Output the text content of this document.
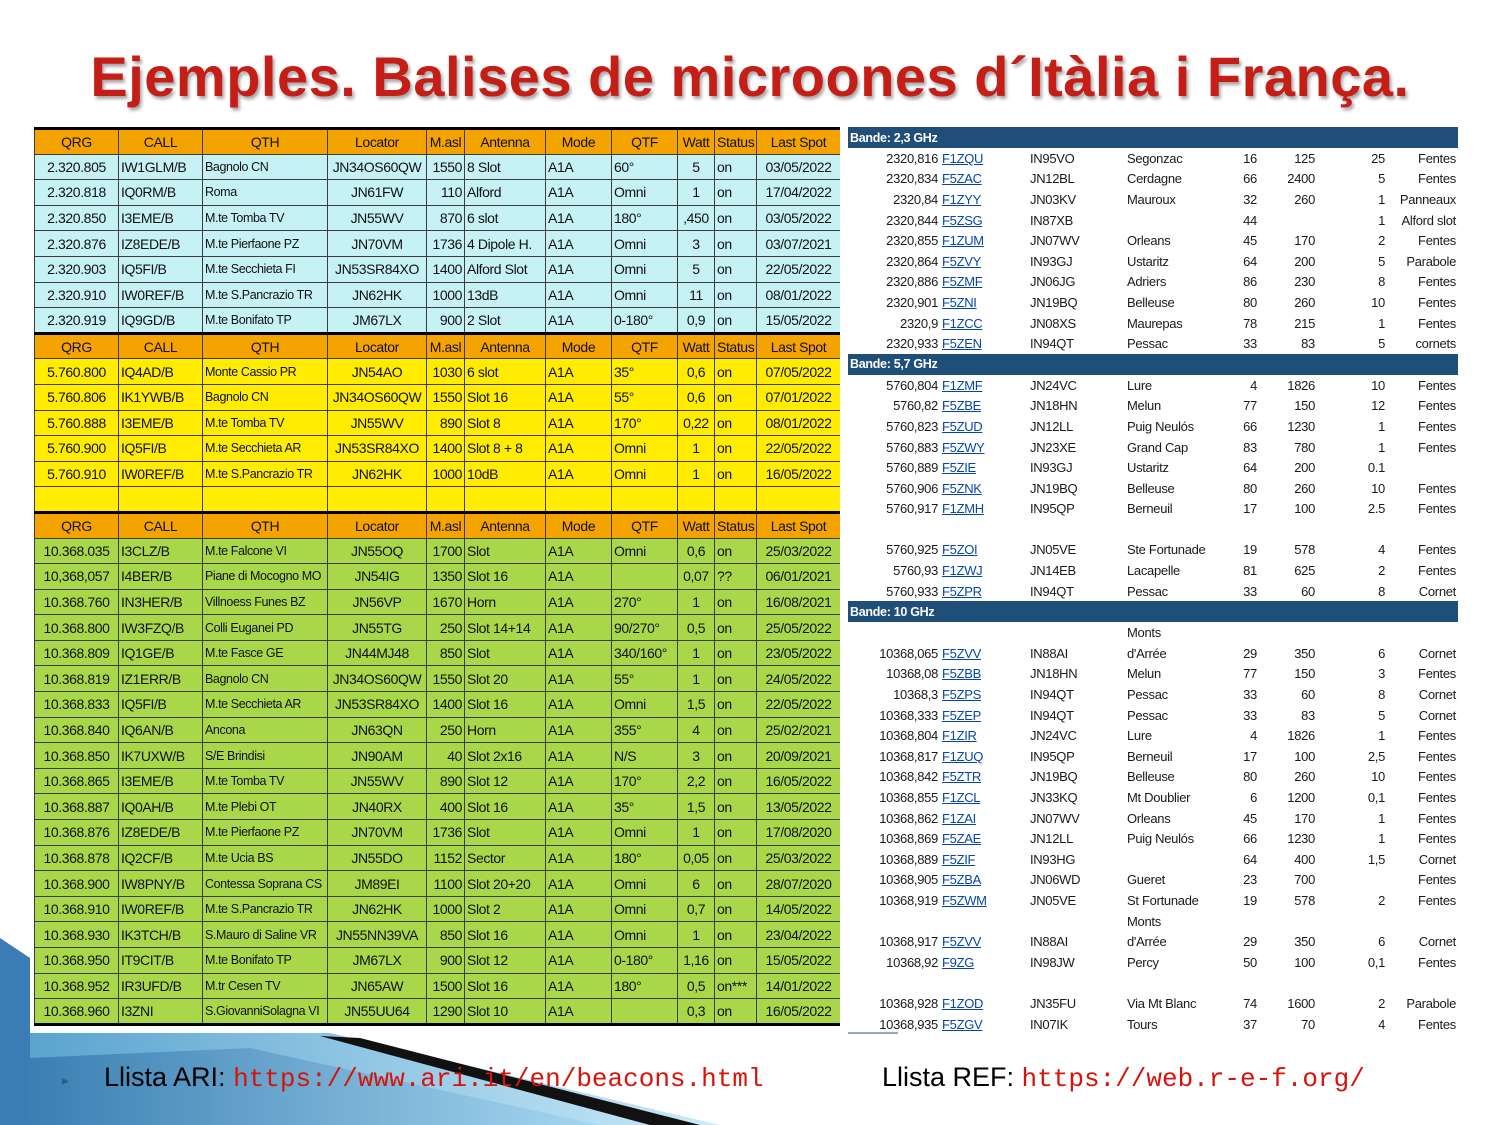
Ejemples. Balises de microones d´Itàlia i França.
QRG	CALL	QTH	Locator	M.asl	Antenna	Mode	QTF	Watt	Status	Last Spot
2.320.805	IW1GLM/B	Bagnolo CN	JN34OS60QW	1550	8 Slot	A1A	60°	5	on	03/05/2022
2.320.818	IQ0RM/B	Roma	JN61FW	110	Alford	A1A	Omni	1	on	17/04/2022
2.320.850	I3EME/B	M.te Tomba TV	JN55WV	870	6 slot	A1A	180°	,450	on	03/05/2022
2.320.876	IZ8EDE/B	M.te Pierfaone PZ	JN70VM	1736	4 Dipole H.	A1A	Omni	3	on	03/07/2021
2.320.903	IQ5FI/B	M.te Secchieta FI	JN53SR84XO	1400	Alford Slot	A1A	Omni	5	on	22/05/2022
2.320.910	IW0REF/B	M.te S.Pancrazio TR	JN62HK	1000	13dB	A1A	Omni	11	on	08/01/2022
2.320.919	IQ9GD/B	M.te Bonifato TP	JM67LX	900	2 Slot	A1A	0-180°	0,9	on	15/05/2022
QRG	CALL	QTH	Locator	M.asl	Antenna	Mode	QTF	Watt	Status	Last Spot
5.760.800	IQ4AD/B	Monte Cassio PR	JN54AO	1030	6 slot	A1A	35°	0,6	on	07/05/2022
5.760.806	IK1YWB/B	Bagnolo CN	JN34OS60QW	1550	Slot 16	A1A	55°	0,6	on	07/01/2022
5.760.888	I3EME/B	M.te Tomba TV	JN55WV	890	Slot 8	A1A	170°	0,22	on	08/01/2022
5.760.900	IQ5FI/B	M.te Secchieta AR	JN53SR84XO	1400	Slot 8 + 8	A1A	Omni	1	on	22/05/2022
5.760.910	IW0REF/B	M.te S.Pancrazio TR	JN62HK	1000	10dB	A1A	Omni	1	on	16/05/2022

QRG	CALL	QTH	Locator	M.asl	Antenna	Mode	QTF	Watt	Status	Last Spot
10.368.035	I3CLZ/B	M.te Falcone VI	JN55OQ	1700	Slot	A1A	Omni	0,6	on	25/03/2022
10,368,057	I4BER/B	Piane di Mocogno MO	JN54IG	1350	Slot 16	A1A		0,07	??	06/01/2021
10.368.760	IN3HER/B	Villnoess Funes BZ	JN56VP	1670	Horn	A1A	270°	1	on	16/08/2021
10.368.800	IW3FZQ/B	Colli Euganei PD	JN55TG	250	Slot 14+14	A1A	90/270°	0,5	on	25/05/2022
10.368.809	IQ1GE/B	M.te Fasce GE	JN44MJ48	850	Slot	A1A	340/160°	1	on	23/05/2022
10.368.819	IZ1ERR/B	Bagnolo CN	JN34OS60QW	1550	Slot 20	A1A	55°	1	on	24/05/2022
10.368.833	IQ5FI/B	M.te Secchieta AR	JN53SR84XO	1400	Slot 16	A1A	Omni	1,5	on	22/05/2022
10.368.840	IQ6AN/B	Ancona	JN63QN	250	Horn	A1A	355°	4	on	25/02/2021
10.368.850	IK7UXW/B	S/E Brindisi	JN90AM	40	Slot 2x16	A1A	N/S	3	on	20/09/2021
10.368.865	I3EME/B	M.te Tomba TV	JN55WV	890	Slot 12	A1A	170°	2,2	on	16/05/2022
10.368.887	IQ0AH/B	M.te Plebi OT	JN40RX	400	Slot 16	A1A	35°	1,5	on	13/05/2022
10.368.876	IZ8EDE/B	M.te Pierfaone PZ	JN70VM	1736	Slot	A1A	Omni	1	on	17/08/2020
10.368.878	IQ2CF/B	M.te Ucia BS	JN55DO	1152	Sector	A1A	180°	0,05	on	25/03/2022
10.368.900	IW8PNY/B	Contessa Soprana CS	JM89EI	1100	Slot 20+20	A1A	Omni	6	on	28/07/2020
10.368.910	IW0REF/B	M.te S.Pancrazio TR	JN62HK	1000	Slot 2	A1A	Omni	0,7	on	14/05/2022
10.368.930	IK3TCH/B	S.Mauro di Saline VR	JN55NN39VA	850	Slot 16	A1A	Omni	1	on	23/04/2022
10.368.950	IT9CIT/B	M.te Bonifato TP	JM67LX	900	Slot 12	A1A	0-180°	1,16	on	15/05/2022
10.368.952	IR3UFD/B	M.tr Cesen TV	JN65AW	1500	Slot 16	A1A	180°	0,5	on***	14/01/2022
10.368.960	I3ZNI	S.GiovanniSolagna VI	JN55UU64	1290	Slot 10	A1A		0,3	on	16/05/2022
Bande: 2,3 GHz							
2320,816	F1ZQU	IN95VO	Segonzac	16	125	25	Fentes
2320,834	F5ZAC	JN12BL	Cerdagne	66	2400	5	Fentes
2320,84	F1ZYY	JN03KV	Mauroux	32	260	1	Panneaux
2320,844	F5ZSG	IN87XB		44		1	Alford slot
2320,855	F1ZUM	JN07WV	Orleans	45	170	2	Fentes
2320,864	F5ZVY	IN93GJ	Ustaritz	64	200	5	Parabole
2320,886	F5ZMF	JN06JG	Adriers	86	230	8	Fentes
2320,901	F5ZNI	JN19BQ	Belleuse	80	260	10	Fentes
2320,9	F1ZCC	JN08XS	Maurepas	78	215	1	Fentes
2320,933	F5ZEN	IN94QT	Pessac	33	83	5	cornets
Bande: 5,7 GHz							
5760,804	F1ZMF	JN24VC	Lure	4	1826	10	Fentes
5760,82	F5ZBE	JN18HN	Melun	77	150	12	Fentes
5760,823	F5ZUD	JN12LL	Puig Neulós	66	1230	1	Fentes
5760,883	F5ZWY	JN23XE	Grand Cap	83	780	1	Fentes
5760,889	F5ZIE	IN93GJ	Ustaritz	64	200	0.1	
5760,906	F5ZNK	JN19BQ	Belleuse	80	260	10	Fentes
5760,917	F1ZMH	IN95QP	Berneuil	17	100	2.5	Fentes

5760,925	F5ZOI	JN05VE	Ste Fortunade	19	578	4	Fentes
5760,93	F1ZWJ	JN14EB	Lacapelle	81	625	2	Fentes
5760,933	F5ZPR	IN94QT	Pessac	33	60	8	Cornet
Bande: 10 GHz							
			Monts				
10368,065	F5ZVV	IN88AI	d'Arrée	29	350	6	Cornet
10368,08	F5ZBB	JN18HN	Melun	77	150	3	Fentes
10368,3	F5ZPS	IN94QT	Pessac	33	60	8	Cornet
10368,333	F5ZEP	IN94QT	Pessac	33	83	5	Cornet
10368,804	F1ZIR	JN24VC	Lure	4	1826	1	Fentes
10368,817	F1ZUQ	IN95QP	Berneuil	17	100	2,5	Fentes
10368,842	F5ZTR	JN19BQ	Belleuse	80	260	10	Fentes
10368,855	F1ZCL	JN33KQ	Mt Doublier	6	1200	0,1	Fentes
10368,862	F1ZAI	JN07WV	Orleans	45	170	1	Fentes
10368,869	F5ZAE	JN12LL	Puig Neulós	66	1230	1	Fentes
10368,889	F5ZIF	IN93HG		64	400	1,5	Cornet
10368,905	F5ZBA	JN06WD	Gueret	23	700		Fentes
10368,919	F5ZWM	JN05VE	St Fortunade	19	578	2	Fentes
			Monts				
10368,917	F5ZVV	IN88AI	d'Arrée	29	350	6	Cornet
10368,92	F9ZG	IN98JW	Percy	50	100	0,1	Fentes

10368,928	F1ZOD	JN35FU	Via Mt Blanc	74	1600	2	Parabole
10368,935	F5ZGV	IN07IK	Tours	37	70	4	Fentes
▸ Llista ARI: https://www.ari.it/en/beacons.html	Llista REF: https://web.r-e-f.org/
